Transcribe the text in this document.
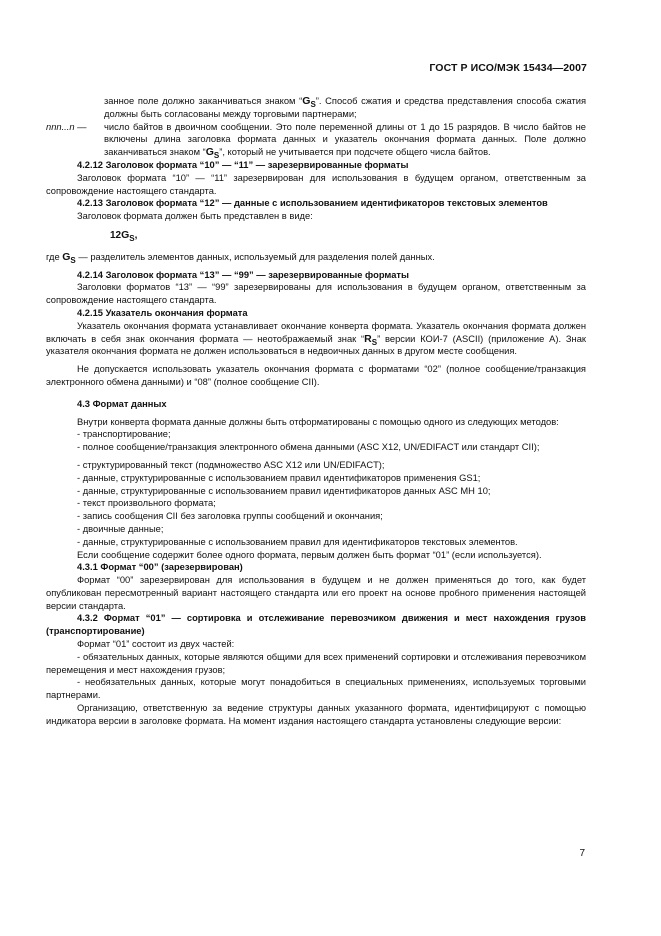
ГОСТ Р ИСО/МЭК 15434—2007

занное поле должно заканчиваться знаком “$G_S$”. Способ сжатия и средства представления способа сжатия должны быть согласованы между торговыми партнерами;

nnn...n — число байтов в двоичном сообщении. Это поле переменной длины от 1 до 15 разрядов. В число байтов не включены длина заголовка формата данных и указатель окончания формата данных. Поле должно заканчиваться знаком “$G_S$”, который не учитывается при подсчете общего числа байтов.

4.2.12 Заголовок формата “10” — “11” — зарезервированные форматы

Заголовок формата “10” — “11” зарезервирован для использования в будущем органом, ответственным за сопровождение настоящего стандарта.

4.2.13 Заголовок формата “12” — данные с использованием идентификаторов текстовых элементов

Заголовок формата должен быть представлен в виде:

$12G_S$,

где $G_S$ — разделитель элементов данных, используемый для разделения полей данных.

4.2.14 Заголовок формата “13” — “99” — зарезервированные форматы

Заголовки форматов “13” — “99” зарезервированы для использования в будущем органом, ответственным за сопровождение настоящего стандарта.

4.2.15 Указатель окончания формата

Указатель окончания формата устанавливает окончание конверта формата. Указатель окончания формата должен включать в себя знак окончания формата — неотображаемый знак “$R_S$” версии КОИ-7 (ASCII) (приложение А). Знак указателя окончания формата не должен использоваться в недвоичных данных в другом месте сообщения.

Не допускается использовать указатель окончания формата с форматами “02” (полное сообщение/транзакция электронного обмена данными) и “08” (полное сообщение CII).

4.3 Формат данных

Внутри конверта формата данные должны быть отформатированы с помощью одного из следующих методов:

- транспортирование;

- полное сообщение/транзакция электронного обмена данными (ASC X12, UN/EDIFACT или стандарт CII);

- структурированный текст (подмножество ASC X12 или UN/EDIFACT);

- данные, структурированные с использованием правил идентификаторов применения GS1;

- данные, структурированные с использованием правил идентификаторов данных ASC MH 10;

- текст произвольного формата;

- запись сообщения CII без заголовка группы сообщений и окончания;

- двоичные данные;

- данные, структурированные с использованием правил для идентификаторов текстовых элементов.

Если сообщение содержит более одного формата, первым должен быть формат “01” (если используется).

4.3.1 Формат “00” (зарезервирован)

Формат “00” зарезервирован для использования в будущем и не должен применяться до того, как будет опубликован пересмотренный вариант настоящего стандарта или его проект на основе пробного применения настоящей версии стандарта.

4.3.2 Формат “01” — сортировка и отслеживание перевозчиком движения и мест нахождения грузов (транспортирование)

Формат “01” состоит из двух частей:

- обязательных данных, которые являются общими для всех применений сортировки и отслеживания перевозчиком перемещения и мест нахождения грузов;

- необязательных данных, которые могут понадобиться в специальных применениях, используемых торговыми партнерами.

Организацию, ответственную за ведение структуры данных указанного формата, идентифицируют с помощью индикатора версии в заголовке формата. На момент издания настоящего стандарта установлены следующие версии:

7
